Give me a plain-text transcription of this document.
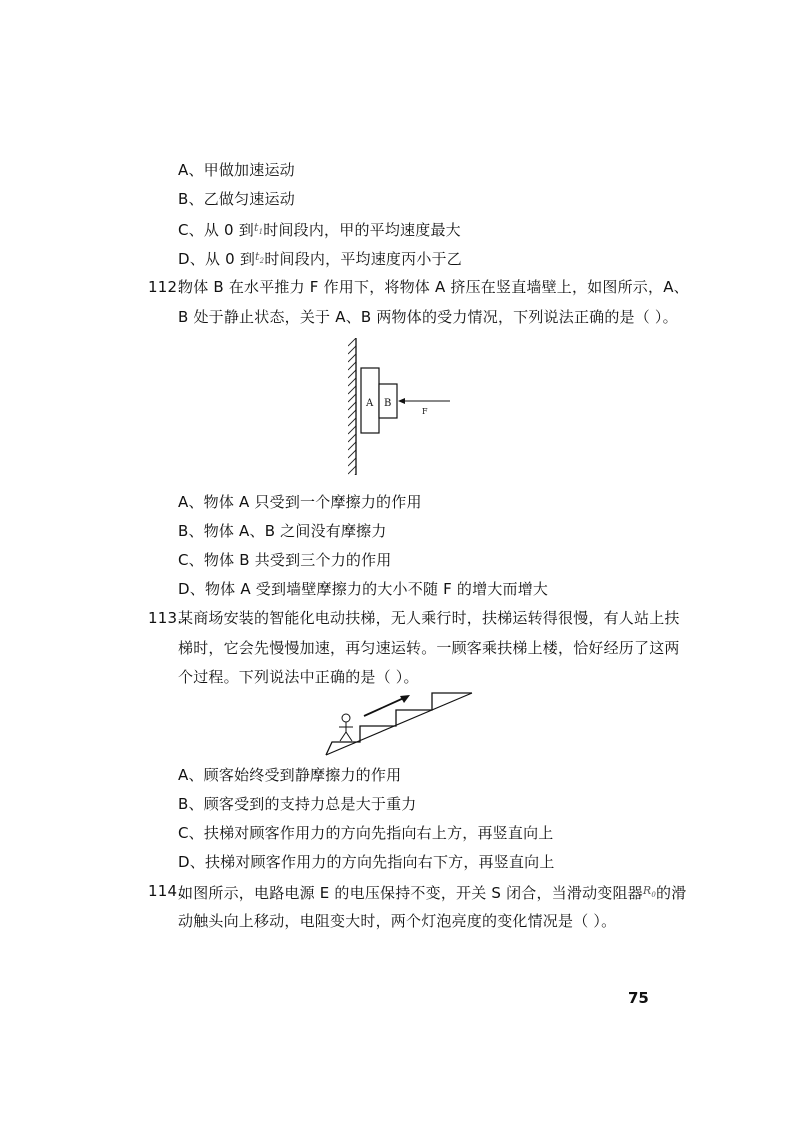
A、甲做加速运动
B、乙做匀速运动
C、从 0 到$^{t_1}$时间段内，甲的平均速度最大
D、从 0 到$^{t_2}$时间段内，平均速度丙小于乙
112.
物体 B 在水平推力 F 作用下，将物体 A 挤压在竖直墙壁上，如图所示，A、
B 处于静止状态，关于 A、B 两物体的受力情况，下列说法正确的是（ ）。
A B
F
A、物体 A 只受到一个摩擦力的作用
B、物体 A、B 之间没有摩擦力
C、物体 B 共受到三个力的作用
D、物体 A 受到墙壁摩擦力的大小不随 F 的增大而增大
113.
某商场安装的智能化电动扶梯，无人乘行时，扶梯运转得很慢，有人站上扶
梯时，它会先慢慢加速，再匀速运转。一顾客乘扶梯上楼，恰好经历了这两
个过程。下列说法中正确的是（ ）。
A、顾客始终受到静摩擦力的作用
B、顾客受到的支持力总是大于重力
C、扶梯对顾客作用力的方向先指向右上方，再竖直向上
D、扶梯对顾客作用力的方向先指向右下方，再竖直向上
114.
如图所示，电路电源 E 的电压保持不变，开关 S 闭合，当滑动变阻器$^{R_0}$的滑
动触头向上移动，电阻变大时，两个灯泡亮度的变化情况是（ ）。
75
